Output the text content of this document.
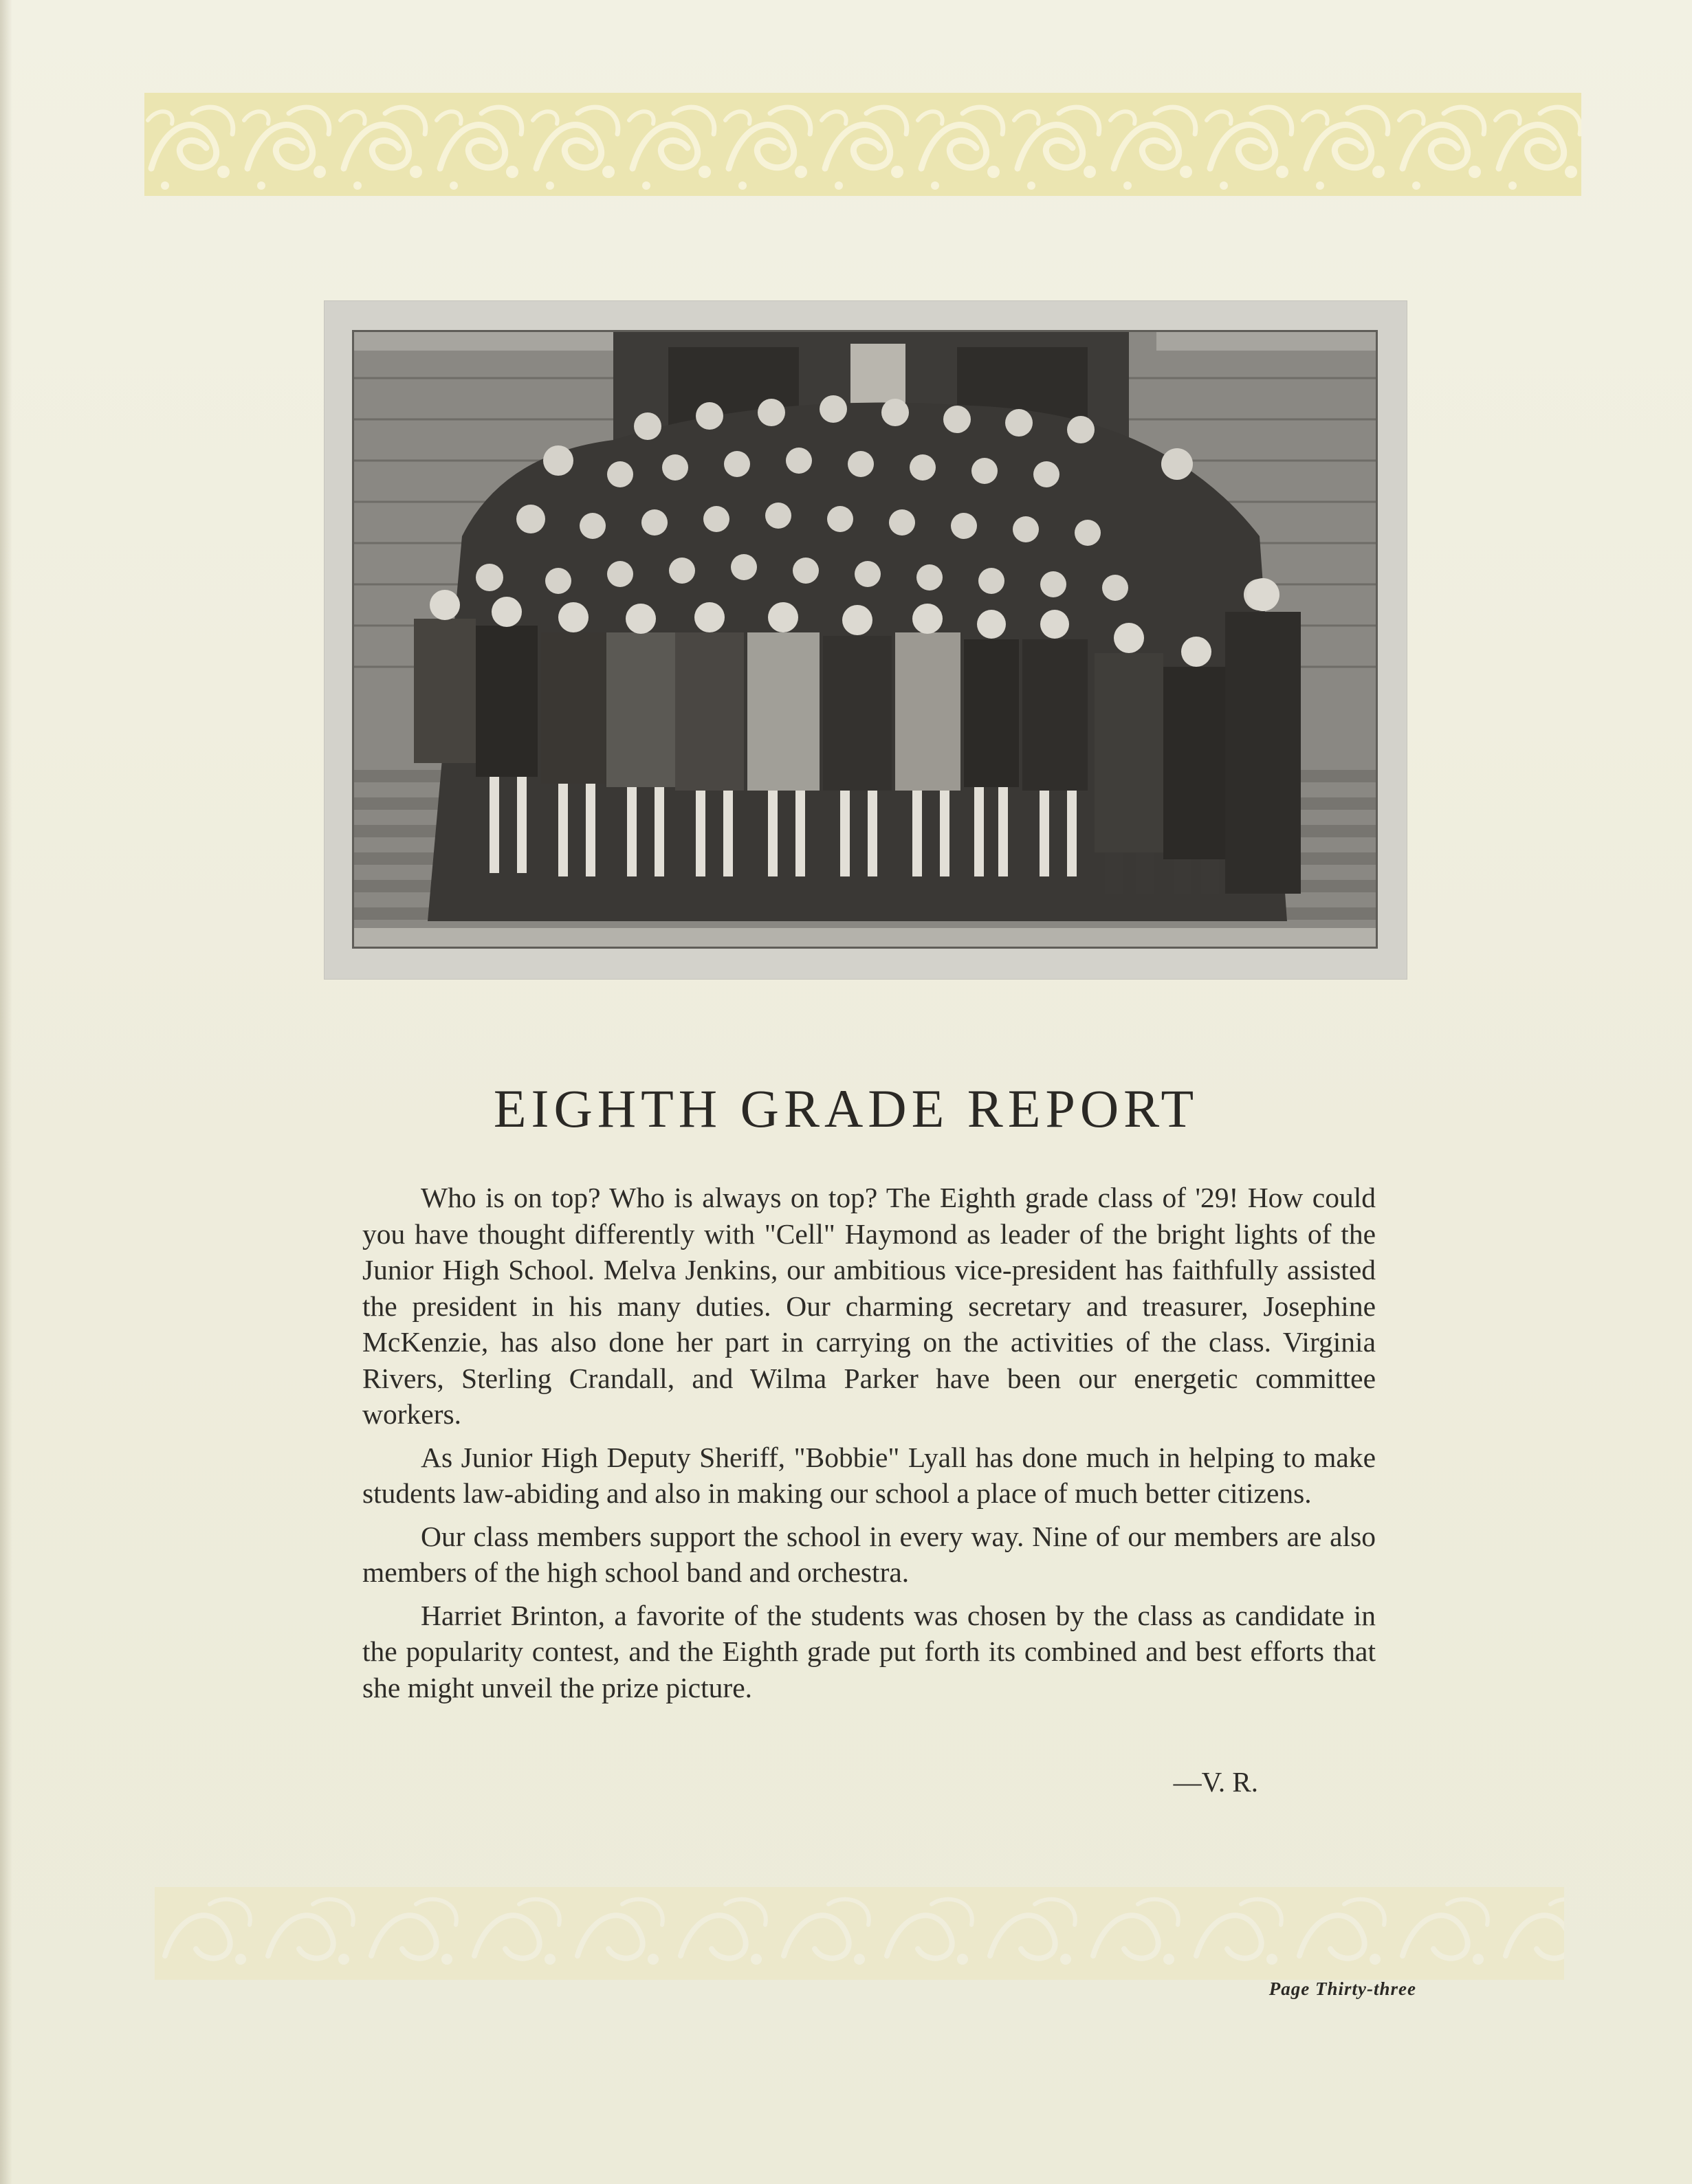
EIGHTH GRADE REPORT

Who is on top? Who is always on top? The Eighth grade class of '29! How could you have thought differently with "Cell" Haymond as leader of the bright lights of the Junior High School. Melva Jenkins, our ambitious vice-president has faithfully assisted the president in his many duties. Our charming secretary and treasurer, Josephine McKenzie, has also done her part in carrying on the activities of the class. Virginia Rivers, Sterling Crandall, and Wilma Parker have been our energetic committee workers.

As Junior High Deputy Sheriff, "Bobbie" Lyall has done much in helping to make students law-abiding and also in making our school a place of much better citizens.

Our class members support the school in every way. Nine of our members are also members of the high school band and orchestra.

Harriet Brinton, a favorite of the students was chosen by the class as candidate in the popularity contest, and the Eighth grade put forth its combined and best efforts that she might unveil the prize picture.

—V. R.
Page Thirty-three
